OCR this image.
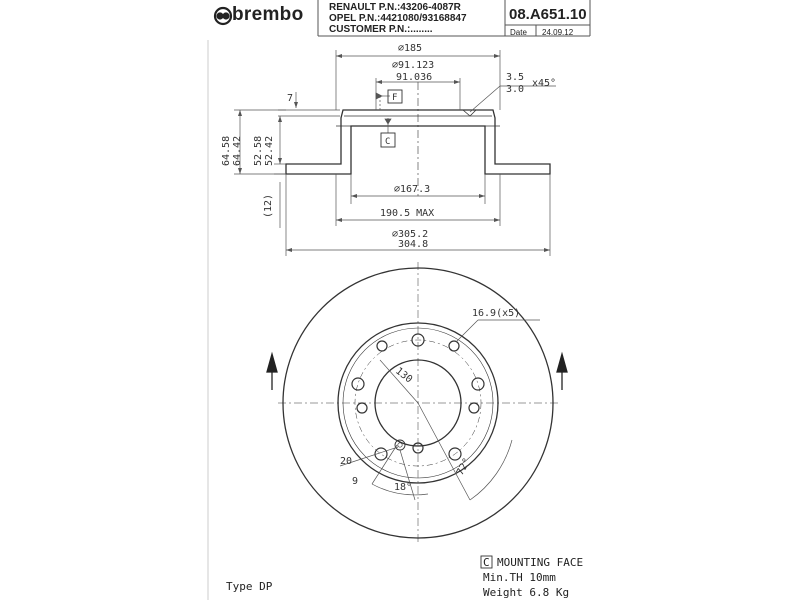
⌀185
⌀91.123
91.036	3.5
3.0
x45°
7	F
C
64.58 64.42 52.58 52.42
(12)
⌀167.3
190.5 MAX
⌀305.2
304.8
16.9(x5)
130
20
9
18°
72°
brembo	RENAULT P.N.:43206-4087R
OPEL P.N.:4421080/93168847
CUSTOMER P.N.:........
08.A651.10
Date 24.09.12
C MOUNTING FACE
Min.TH 10mm
Weight 6.8 Kg
Type DP
